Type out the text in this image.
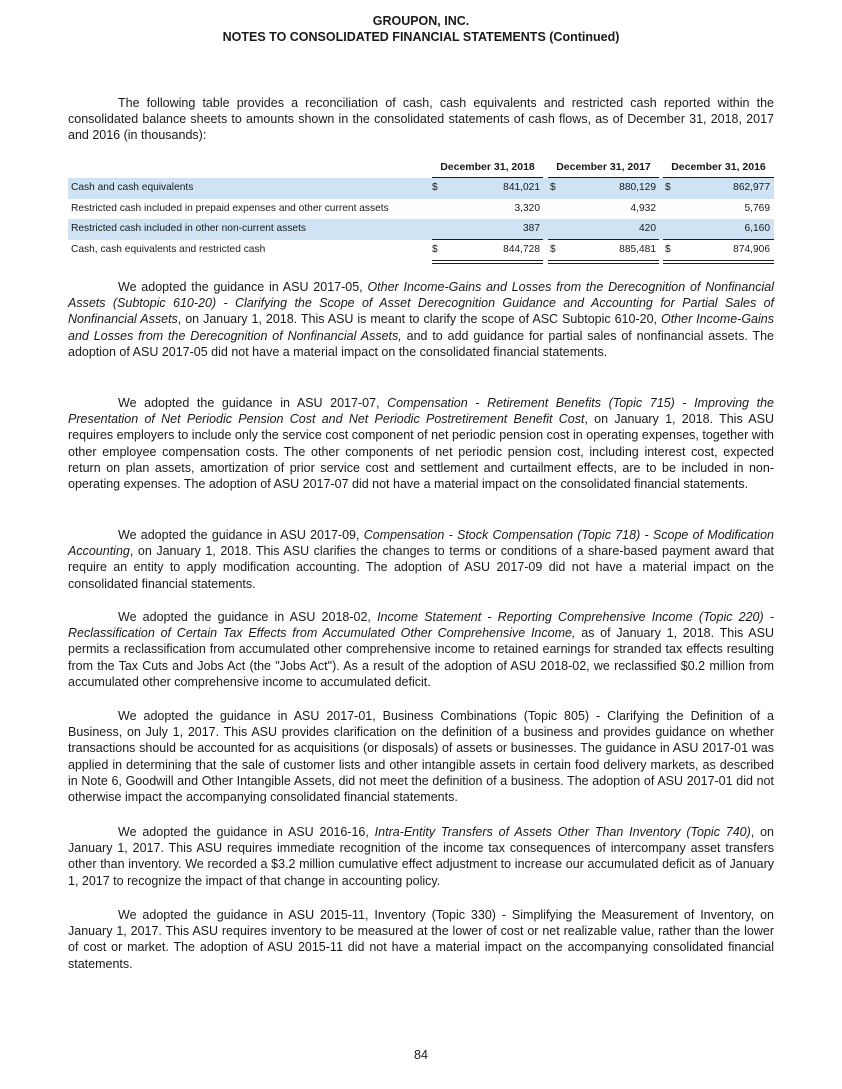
GROUPON, INC.
NOTES TO CONSOLIDATED FINANCIAL STATEMENTS (Continued)

The following table provides a reconciliation of cash, cash equivalents and restricted cash reported within the consolidated balance sheets to amounts shown in the consolidated statements of cash flows, as of December 31, 2018, 2017 and 2016 (in thousands):

December 31, 2018	December 31, 2017	December 31, 2016
Cash and cash equivalents	$	841,021 $	880,129 $	862,977
Restricted cash included in prepaid expenses and other current assets	3,320	4,932	5,769
Restricted cash included in other non-current assets	387	420	6,160
Cash, cash equivalents and restricted cash	$	844,728 $	885,481 $	874,906

We adopted the guidance in ASU 2017-05, Other Income-Gains and Losses from the Derecognition of Nonfinancial Assets (Subtopic 610-20) - Clarifying the Scope of Asset Derecognition Guidance and Accounting for Partial Sales of Nonfinancial Assets, on January 1, 2018. This ASU is meant to clarify the scope of ASC Subtopic 610-20, Other Income-Gains and Losses from the Derecognition of Nonfinancial Assets, and to add guidance for partial sales of nonfinancial assets. The adoption of ASU 2017-05 did not have a material impact on the consolidated financial statements.

We adopted the guidance in ASU 2017-07, Compensation - Retirement Benefits (Topic 715) - Improving the Presentation of Net Periodic Pension Cost and Net Periodic Postretirement Benefit Cost, on January 1, 2018. This ASU requires employers to include only the service cost component of net periodic pension cost in operating expenses, together with other employee compensation costs. The other components of net periodic pension cost, including interest cost, expected return on plan assets, amortization of prior service cost and settlement and curtailment effects, are to be included in non-operating expenses. The adoption of ASU 2017-07 did not have a material impact on the consolidated financial statements.

We adopted the guidance in ASU 2017-09, Compensation - Stock Compensation (Topic 718) - Scope of Modification Accounting, on January 1, 2018. This ASU clarifies the changes to terms or conditions of a share-based payment award that require an entity to apply modification accounting. The adoption of ASU 2017-09 did not have a material impact on the consolidated financial statements.

We adopted the guidance in ASU 2018-02, Income Statement - Reporting Comprehensive Income (Topic 220) - Reclassification of Certain Tax Effects from Accumulated Other Comprehensive Income, as of January 1, 2018. This ASU permits a reclassification from accumulated other comprehensive income to retained earnings for stranded tax effects resulting from the Tax Cuts and Jobs Act (the "Jobs Act"). As a result of the adoption of ASU 2018-02, we reclassified $0.2 million from accumulated other comprehensive income to accumulated deficit.

We adopted the guidance in ASU 2017-01, Business Combinations (Topic 805) - Clarifying the Definition of a Business, on July 1, 2017. This ASU provides clarification on the definition of a business and provides guidance on whether transactions should be accounted for as acquisitions (or disposals) of assets or businesses. The guidance in ASU 2017-01 was applied in determining that the sale of customer lists and other intangible assets in certain food delivery markets, as described in Note 6, Goodwill and Other Intangible Assets, did not meet the definition of a business. The adoption of ASU 2017-01 did not otherwise impact the accompanying consolidated financial statements.

We adopted the guidance in ASU 2016-16, Intra-Entity Transfers of Assets Other Than Inventory (Topic 740), on January 1, 2017. This ASU requires immediate recognition of the income tax consequences of intercompany asset transfers other than inventory. We recorded a $3.2 million cumulative effect adjustment to increase our accumulated deficit as of January 1, 2017 to recognize the impact of that change in accounting policy.

We adopted the guidance in ASU 2015-11, Inventory (Topic 330) - Simplifying the Measurement of Inventory, on January 1, 2017. This ASU requires inventory to be measured at the lower of cost or net realizable value, rather than the lower of cost or market. The adoption of ASU 2015-11 did not have a material impact on the accompanying consolidated financial statements.

84
